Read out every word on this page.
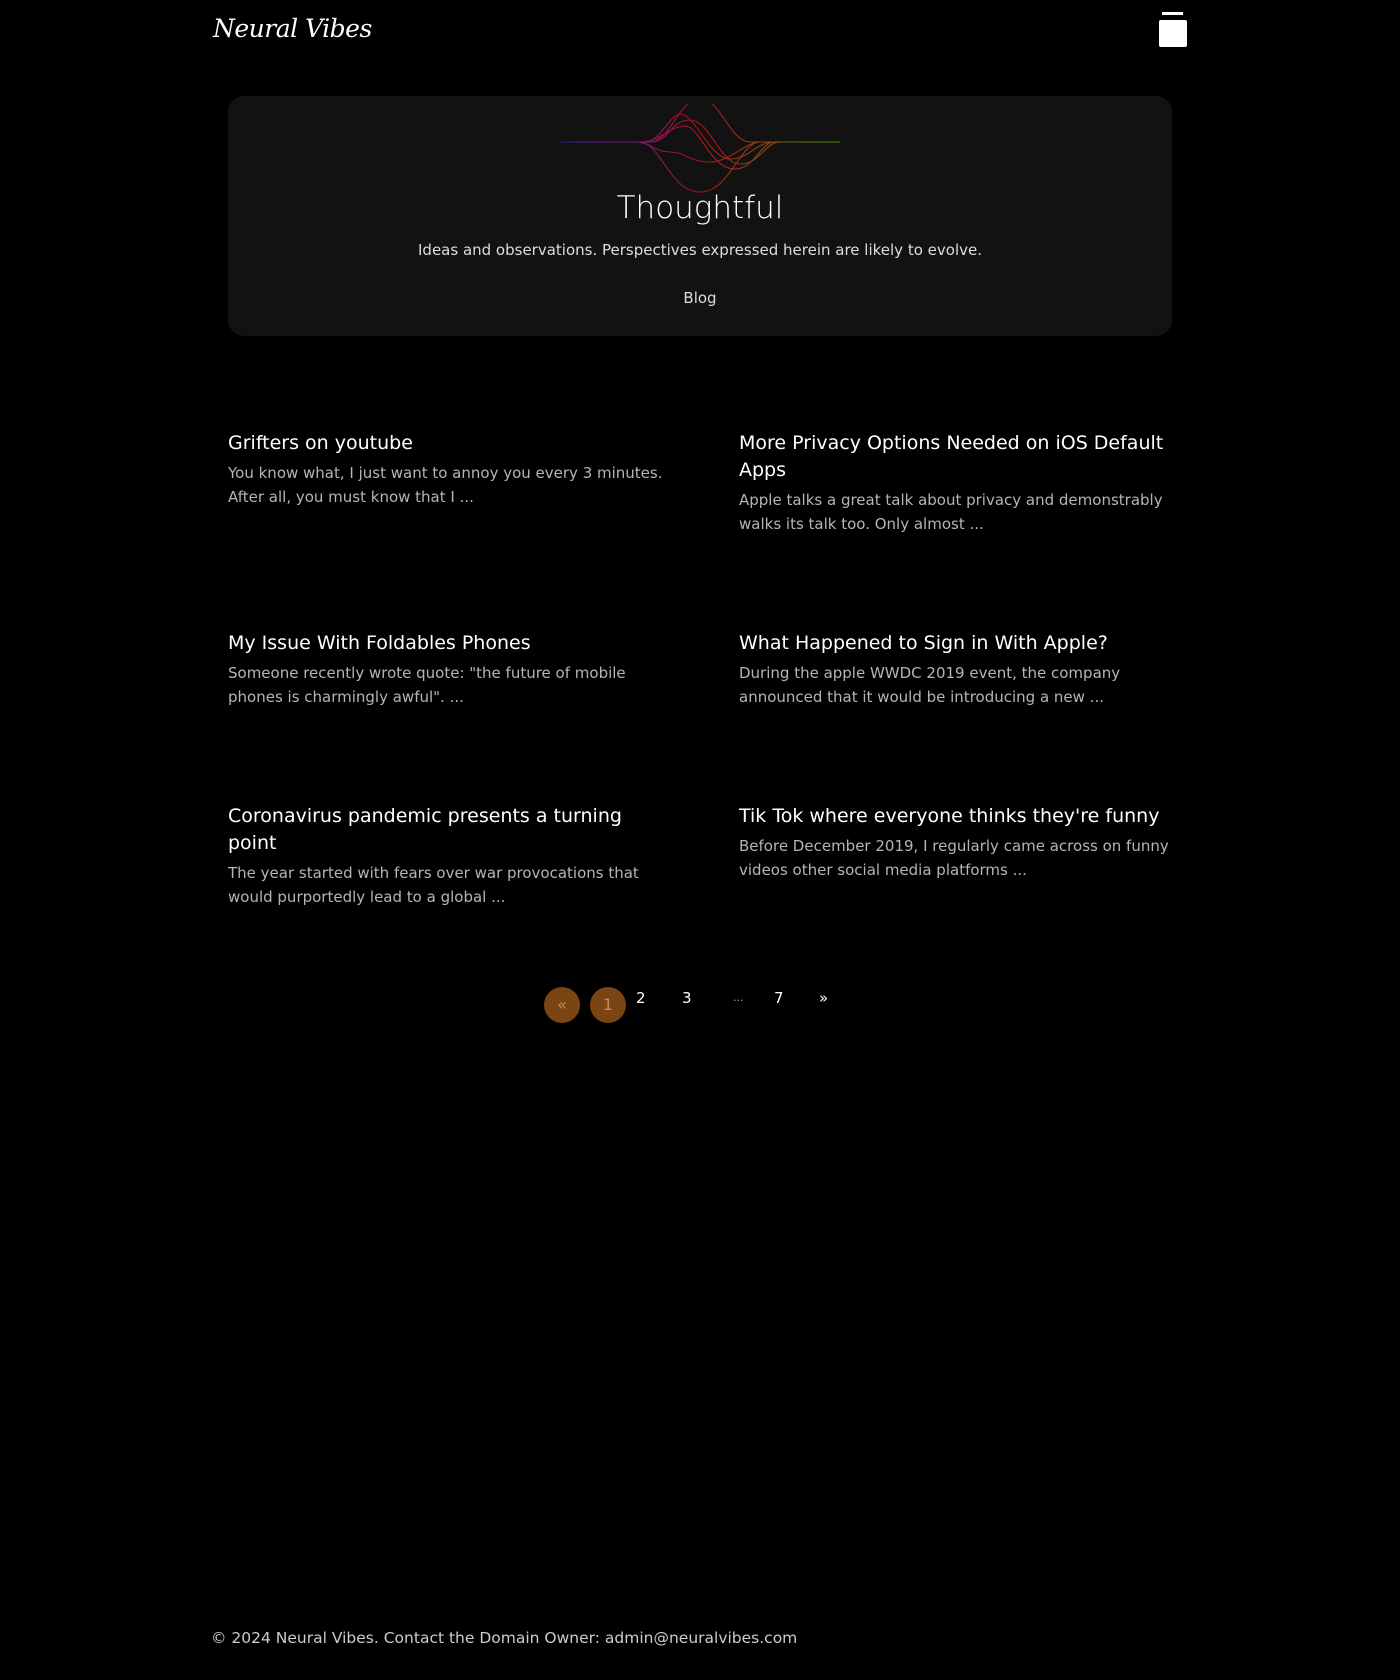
Neural Vibes
Thoughtful
Ideas and observations. Perspectives expressed herein are likely to evolve.
Blog
Grifters on youtube

You know what, I just want to annoy you every 3 minutes. After all, you must know that I ...

More Privacy Options Needed on iOS Default Apps

Apple talks a great talk about privacy and demonstrably walks its talk too. Only almost ...

My Issue With Foldables Phones

Someone recently wrote quote: "the future of mobile phones is charmingly awful". ...

What Happened to Sign in With Apple?

During the apple WWDC 2019 event, the company announced that it would be introducing a new ...

Coronavirus pandemic presents a turning point

The year started with fears over war provocations that would purportedly lead to a global ...

Tik Tok where everyone thinks they're funny

Before December 2019, I regularly came across on funny videos other social media platforms ...

«	1	2 3	... 7 »
© 2024 Neural Vibes. Contact the Domain Owner: admin@neuralvibes.com
